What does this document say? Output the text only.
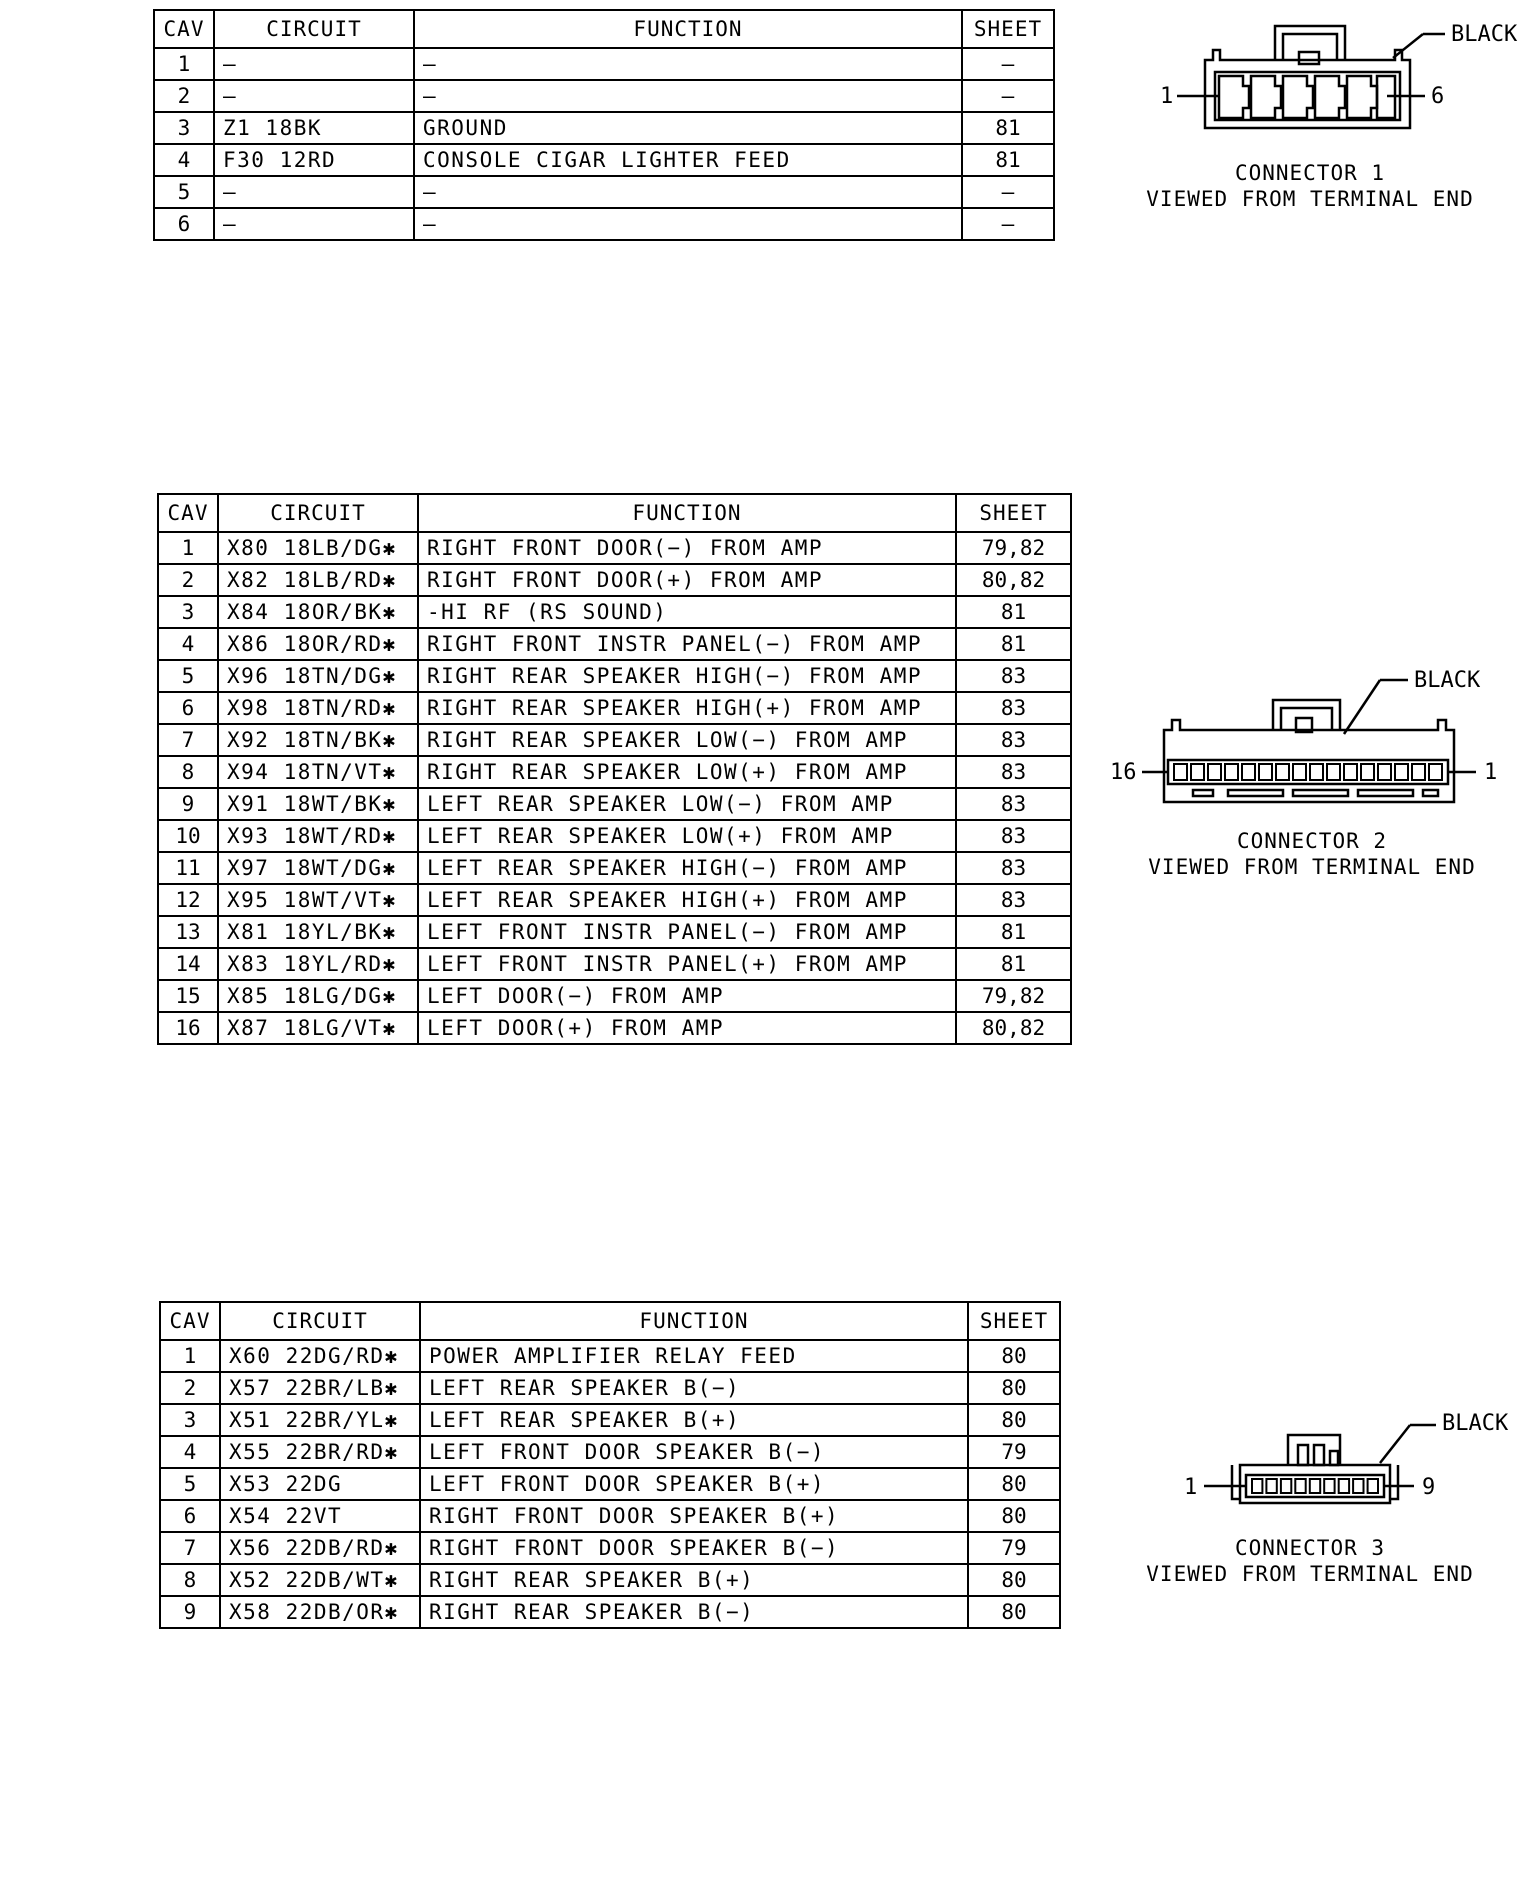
CAV	CIRCUIT	FUNCTION	SHEET
1	—	—	—
2	—	—	—
3	Z1 18BK	GROUND	81
4	F30 12RD	CONSOLE CIGAR LIGHTER FEED	81
5	—	—	—
6	—	—	—
BLACK
1	6
CONNECTOR 1
VIEWED FROM TERMINAL END
CAV	CIRCUIT	FUNCTION	SHEET
1	X80 18LB/DG✱	RIGHT FRONT DOOR(−) FROM AMP	79,82
2	X82 18LB/RD✱	RIGHT FRONT DOOR(+) FROM AMP	80,82
3	X84 18OR/BK✱	-HI RF (RS SOUND)	81
4	X86 18OR/RD✱	RIGHT FRONT INSTR PANEL(−) FROM AMP	81
5	X96 18TN/DG✱	RIGHT REAR SPEAKER HIGH(−) FROM AMP	83
6	X98 18TN/RD✱	RIGHT REAR SPEAKER HIGH(+) FROM AMP	83
7	X92 18TN/BK✱	RIGHT REAR SPEAKER LOW(−) FROM AMP	83
8	X94 18TN/VT✱	RIGHT REAR SPEAKER LOW(+) FROM AMP	83
9	X91 18WT/BK✱	LEFT REAR SPEAKER LOW(−) FROM AMP	83
10	X93 18WT/RD✱	LEFT REAR SPEAKER LOW(+) FROM AMP	83
11	X97 18WT/DG✱	LEFT REAR SPEAKER HIGH(−) FROM AMP	83
12	X95 18WT/VT✱	LEFT REAR SPEAKER HIGH(+) FROM AMP	83
13	X81 18YL/BK✱	LEFT FRONT INSTR PANEL(−) FROM AMP	81
14	X83 18YL/RD✱	LEFT FRONT INSTR PANEL(+) FROM AMP	81
15	X85 18LG/DG✱	LEFT DOOR(−) FROM AMP	79,82
16	X87 18LG/VT✱	LEFT DOOR(+) FROM AMP	80,82
BLACK
16	1
CONNECTOR 2
VIEWED FROM TERMINAL END
CAV	CIRCUIT	FUNCTION	SHEET
1	X60 22DG/RD✱	POWER AMPLIFIER RELAY FEED	80
2	X57 22BR/LB✱	LEFT REAR SPEAKER B(−)	80
3	X51 22BR/YL✱	LEFT REAR SPEAKER B(+)	80
4	X55 22BR/RD✱	LEFT FRONT DOOR SPEAKER B(−)	79
5	X53 22DG	LEFT FRONT DOOR SPEAKER B(+)	80
6	X54 22VT	RIGHT FRONT DOOR SPEAKER B(+)	80
7	X56 22DB/RD✱	RIGHT FRONT DOOR SPEAKER B(−)	79
8	X52 22DB/WT✱	RIGHT REAR SPEAKER B(+)	80
9	X58 22DB/OR✱	RIGHT REAR SPEAKER B(−)	80
BLACK
1	9
CONNECTOR 3
VIEWED FROM TERMINAL END
